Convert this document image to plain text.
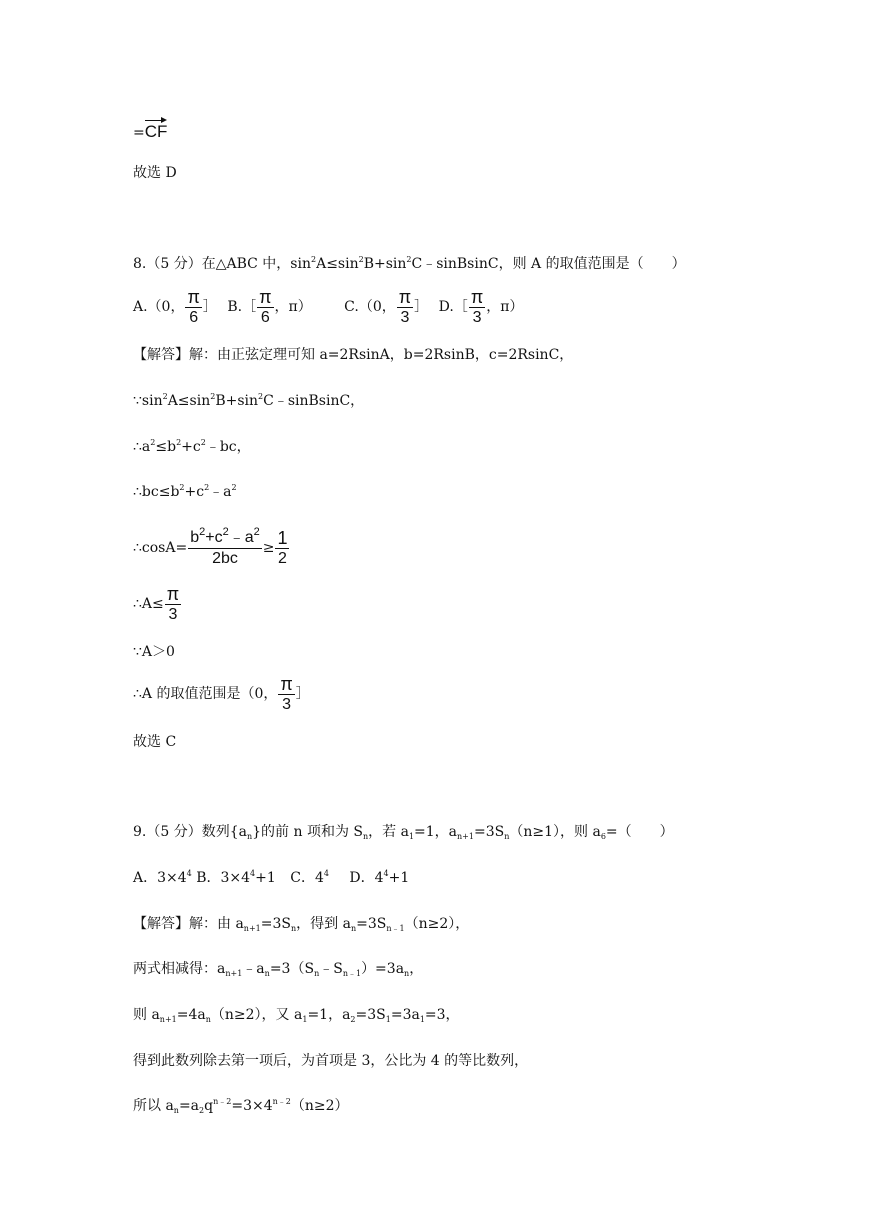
=CF
故选 D
8.（5 分）在△ABC 中，$\sin^2A\le\sin^2B+\sin^2C﹣sinBsinC$，则 A 的取值范围是（　　）
A.（0， $\frac{\pi}{6}$ ］ B.［ $\frac{\pi}{6}$ ，π） C.（0， $\frac{\pi}{3}$ ］ D.［ $\frac{\pi}{3}$ ，π）
【解答】解：由正弦定理可知 a=2RsinA，b=2RsinB，c=2RsinC，
$\because\sin^2A\le\sin^2B+\sin^2C﹣sinBsinC$，
$\therefore a^2\le b^2+c^2﹣bc$，
$\therefore bc\le b^2+c^2﹣a^2$
∴cosA= $\frac{b^2+c^2﹣a^2}{2bc} \ge \frac{1}{2}$
∴A≤ $\frac{\pi}{3}$
∵A＞0
∴A 的取值范围是（0， $\frac{\pi}{3}$ ］
故选 C
9.（5 分）数列$\{a_n\}$的前 n 项和为 $S_n$，若 $a_1=1$，$a_{n+1}=3S_n(n\ge 1)$，则 $a_6=$（　　）
A．$3\times 4^4$ B．$3\times 4^4+1$ C．$4^4$ D．$4^4+1$
【解答】解：由 $a_{n+1}=3S_n$，得到 $a_n=3S_{n﹣1}(n\ge 2)$，
两式相减得：$a_{n+1}﹣a_n=3(S_n﹣S_{n﹣1})=3a_n$，
则 $a_{n+1}=4a_n(n\ge 2)$，又 $a_1=1$，$a_2=3S_1=3a_1=3$，
得到此数列除去第一项后，为首项是 3，公比为 4 的等比数列，
所以 $a_n=a_2q^{n﹣2}=3\times 4^{n﹣2}(n\ge 2)$
